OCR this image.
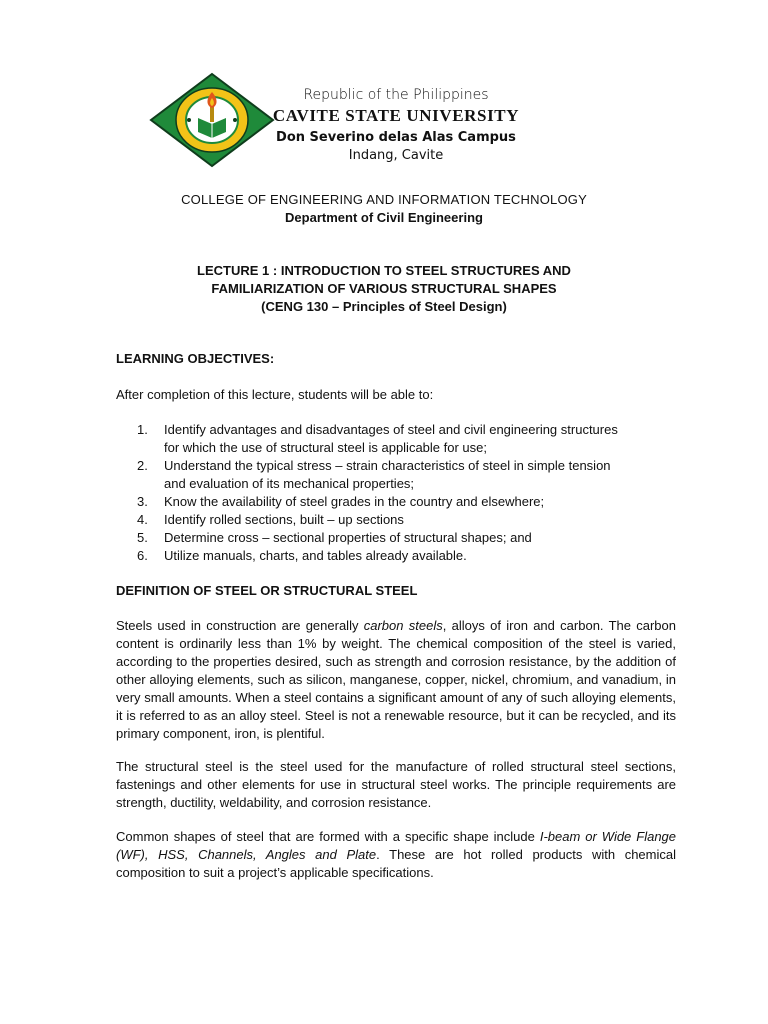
Republic of the Philippines
CAVITE STATE UNIVERSITY
Don Severino delas Alas Campus
Indang, Cavite
COLLEGE OF ENGINEERING AND INFORMATION TECHNOLOGY
Department of Civil Engineering
LECTURE 1 : INTRODUCTION TO STEEL STRUCTURES AND
FAMILIARIZATION OF VARIOUS STRUCTURAL SHAPES
(CENG 130 – Principles of Steel Design)
LEARNING OBJECTIVES:
After completion of this lecture, students will be able to:
1. Identify advantages and disadvantages of steel and civil engineering structures
for which the use of structural steel is applicable for use;
2. Understand the typical stress – strain characteristics of steel in simple tension
and evaluation of its mechanical properties;
3. Know the availability of steel grades in the country and elsewhere;
4. Identify rolled sections, built – up sections
5. Determine cross – sectional properties of structural shapes; and
6. Utilize manuals, charts, and tables already available.
DEFINITION OF STEEL OR STRUCTURAL STEEL
Steels used in construction are generally carbon steels, alloys of iron and carbon. The carbon content is ordinarily less than 1% by weight. The chemical composition of the steel is varied, according to the properties desired, such as strength and corrosion resistance, by the addition of other alloying elements, such as silicon, manganese, copper, nickel, chromium, and vanadium, in very small amounts. When a steel contains a significant amount of any of such alloying elements, it is referred to as an alloy steel. Steel is not a renewable resource, but it can be recycled, and its primary component, iron, is plentiful.
The structural steel is the steel used for the manufacture of rolled structural steel sections, fastenings and other elements for use in structural steel works. The principle requirements are strength, ductility, weldability, and corrosion resistance.
Common shapes of steel that are formed with a specific shape include I-beam or Wide Flange (WF), HSS, Channels, Angles and Plate. These are hot rolled products with chemical composition to suit a project’s applicable specifications.
